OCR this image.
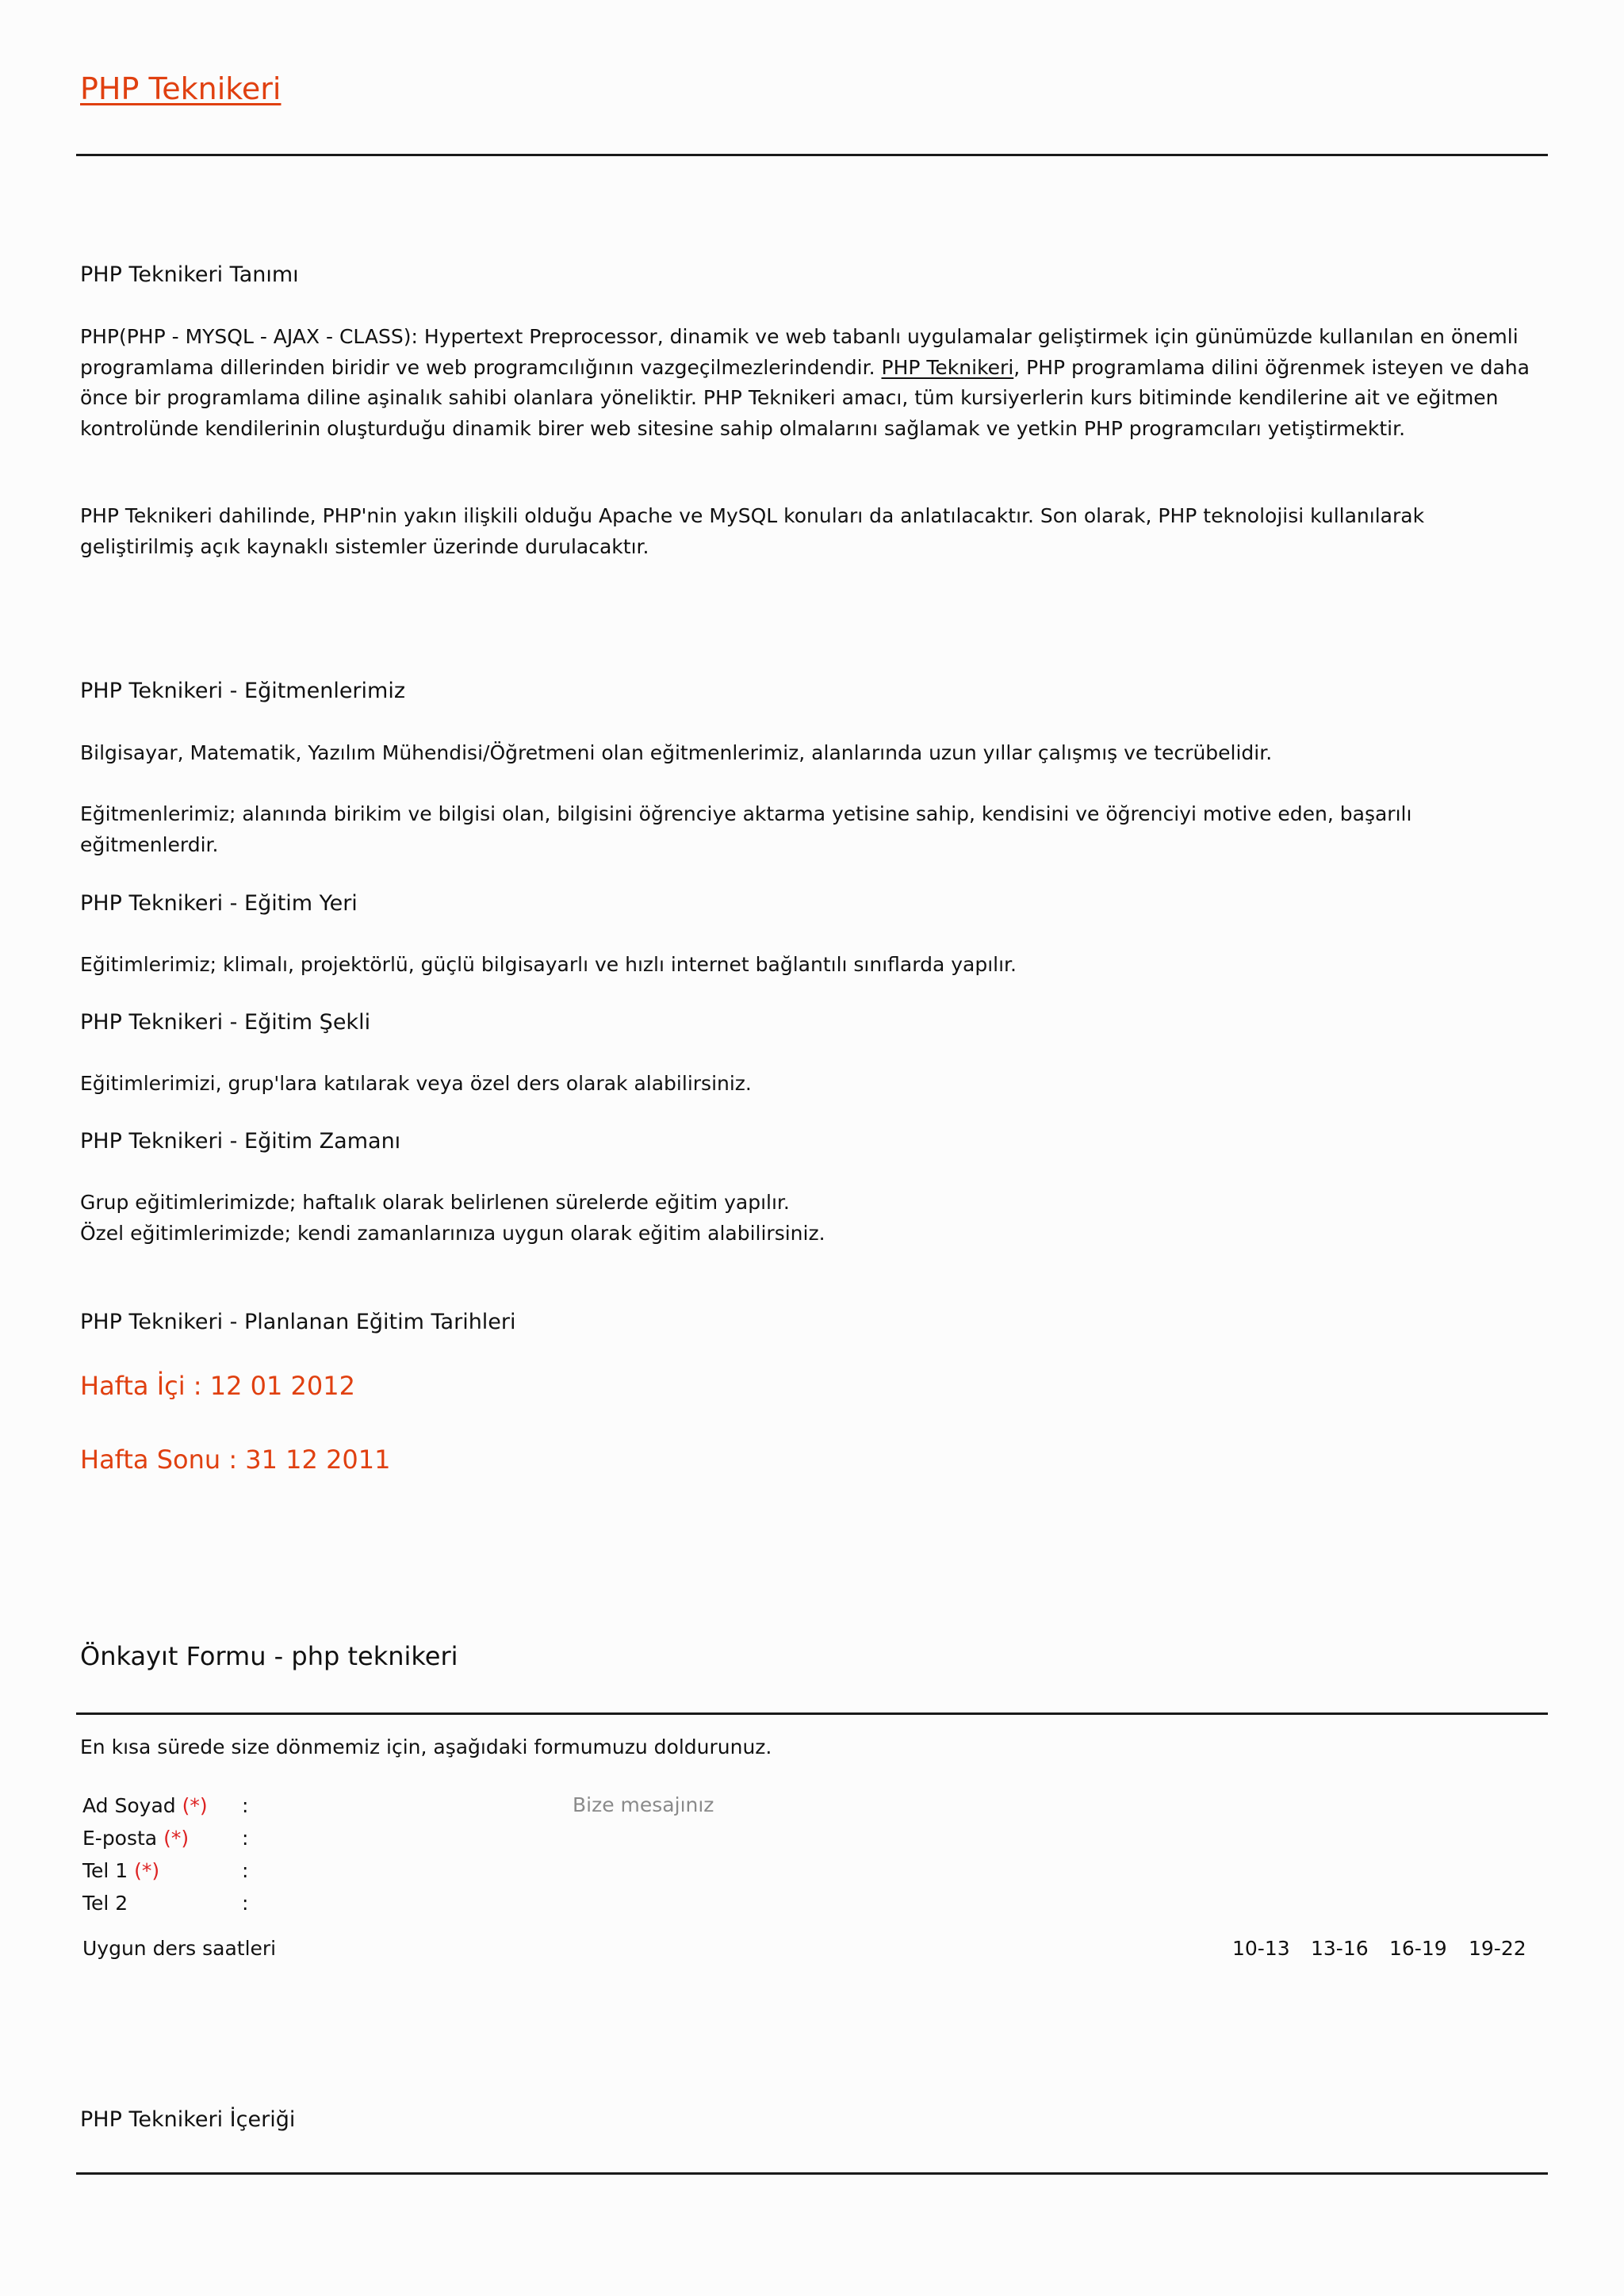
PHP Teknikeri
PHP Teknikeri Tanımı
PHP(PHP - MYSQL - AJAX - CLASS): Hypertext Preprocessor, dinamik ve web tabanlı uygulamalar geliştirmek için günümüzde kullanılan en önemli programlama dillerinden biridir ve web programcılığının vazgeçilmezlerindendir. PHP Teknikeri, PHP programlama dilini öğrenmek isteyen ve daha önce bir programlama diline aşinalık sahibi olanlara yöneliktir. PHP Teknikeri amacı, tüm kursiyerlerin kurs bitiminde kendilerine ait ve eğitmen kontrolünde kendilerinin oluşturduğu dinamik birer web sitesine sahip olmalarını sağlamak ve yetkin PHP programcıları yetiştirmektir.
PHP Teknikeri dahilinde, PHP'nin yakın ilişkili olduğu Apache ve MySQL konuları da anlatılacaktır. Son olarak, PHP teknolojisi kullanılarak geliştirilmiş açık kaynaklı sistemler üzerinde durulacaktır.
PHP Teknikeri - Eğitmenlerimiz
Bilgisayar, Matematik, Yazılım Mühendisi/Öğretmeni olan eğitmenlerimiz, alanlarında uzun yıllar çalışmış ve tecrübelidir.
Eğitmenlerimiz; alanında birikim ve bilgisi olan, bilgisini öğrenciye aktarma yetisine sahip, kendisini ve öğrenciyi motive eden, başarılı eğitmenlerdir.
PHP Teknikeri - Eğitim Yeri
Eğitimlerimiz; klimalı, projektörlü, güçlü bilgisayarlı ve hızlı internet bağlantılı sınıflarda yapılır.
PHP Teknikeri - Eğitim Şekli
Eğitimlerimizi, grup'lara katılarak veya özel ders olarak alabilirsiniz.
PHP Teknikeri - Eğitim Zamanı
Grup eğitimlerimizde; haftalık olarak belirlenen sürelerde eğitim yapılır.
Özel eğitimlerimizde; kendi zamanlarınıza uygun olarak eğitim alabilirsiniz.
PHP Teknikeri - Planlanan Eğitim Tarihleri
Hafta İçi : 12 01 2012
Hafta Sonu : 31 12 2011
Önkayıt Formu - php teknikeri
En kısa sürede size dönmemiz için, aşağıdaki formumuzu doldurunuz.
Ad Soyad (*) :
E-posta (*)	:
Tel 1 (*)	:
Tel 2	:
Bize mesajınız
Uygun ders saatleri	10-13 13-16 16-19 19-22
PHP Teknikeri İçeriği
